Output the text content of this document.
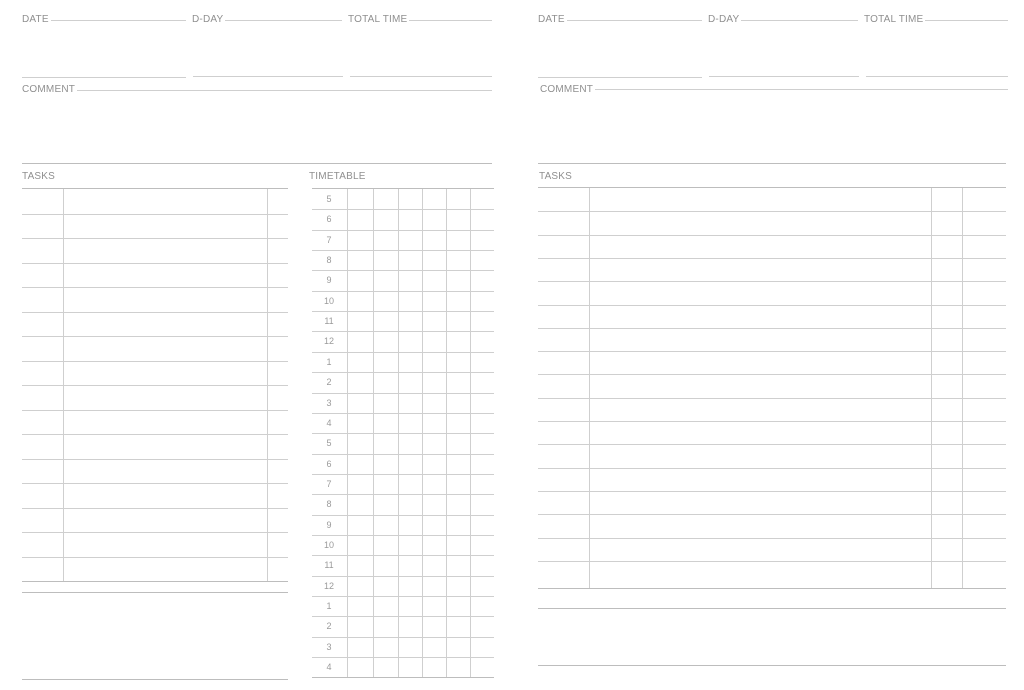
DATE	D-DAY	TOTAL TIME
COMMENT
TASKS	TIMETABLE
5
6
7
8
9
10
11
12
1
2
3
4
5
6
7
8
9
10
11
12
1
2
3
4
DATE	D-DAY	TOTAL TIME
COMMENT
TASKS
